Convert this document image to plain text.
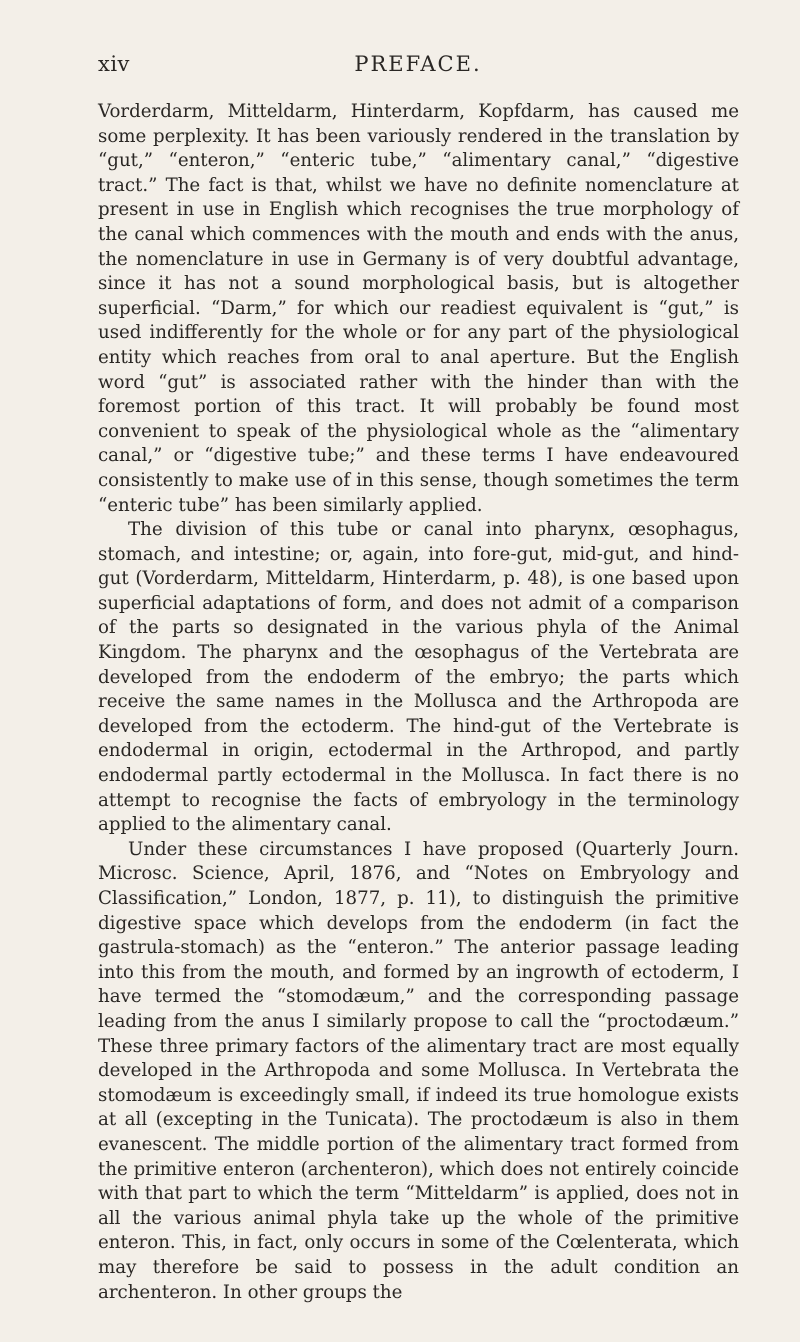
xiv	PREFACE.

Vorderdarm, Mitteldarm, Hinterdarm, Kopfdarm, has caused me some perplexity. It has been variously rendered in the translation by “gut,” “enteron,” “enteric tube,” “alimentary canal,” “digestive tract.” The fact is that, whilst we have no definite nomenclature at present in use in English which recognises the true morphology of the canal which commences with the mouth and ends with the anus, the nomenclature in use in Germany is of very doubtful advantage, since it has not a sound morphological basis, but is altogether superficial. “Darm,” for which our readiest equivalent is “gut,” is used indifferently for the whole or for any part of the physiological entity which reaches from oral to anal aperture. But the English word “gut” is associated rather with the hinder than with the foremost portion of this tract. It will probably be found most convenient to speak of the physiological whole as the “alimentary canal,” or “digestive tube;” and these terms I have endeavoured consistently to make use of in this sense, though sometimes the term “enteric tube” has been similarly applied.

The division of this tube or canal into pharynx, œsophagus, stomach, and intestine; or, again, into fore-gut, mid-gut, and hind-gut (Vorderdarm, Mitteldarm, Hinterdarm, p. 48), is one based upon superficial adaptations of form, and does not admit of a comparison of the parts so designated in the various phyla of the Animal Kingdom. The pharynx and the œsophagus of the Vertebrata are developed from the endoderm of the embryo; the parts which receive the same names in the Mollusca and the Arthropoda are developed from the ectoderm. The hind-gut of the Vertebrate is endodermal in origin, ectodermal in the Arthropod, and partly endodermal partly ectodermal in the Mollusca. In fact there is no attempt to recognise the facts of embryology in the terminology applied to the alimentary canal.

Under these circumstances I have proposed (Quarterly Journ. Microsc. Science, April, 1876, and “Notes on Embryology and Classification,” London, 1877, p. 11), to distinguish the primitive digestive space which develops from the endoderm (in fact the gastrula-stomach) as the “enteron.” The anterior passage leading into this from the mouth, and formed by an ingrowth of ectoderm, I have termed the “stomodæum,” and the corresponding passage leading from the anus I similarly propose to call the “proctodæum.” These three primary factors of the alimentary tract are most equally developed in the Arthropoda and some Mollusca. In Vertebrata the stomodæum is exceedingly small, if indeed its true homologue exists at all (excepting in the Tunicata). The proctodæum is also in them evanescent. The middle portion of the alimentary tract formed from the primitive enteron (archenteron), which does not entirely coincide with that part to which the term “Mitteldarm” is applied, does not in all the various animal phyla take up the whole of the primitive enteron. This, in fact, only occurs in some of the Cœlenterata, which may therefore be said to possess in the adult condition an archenteron. In other groups the
